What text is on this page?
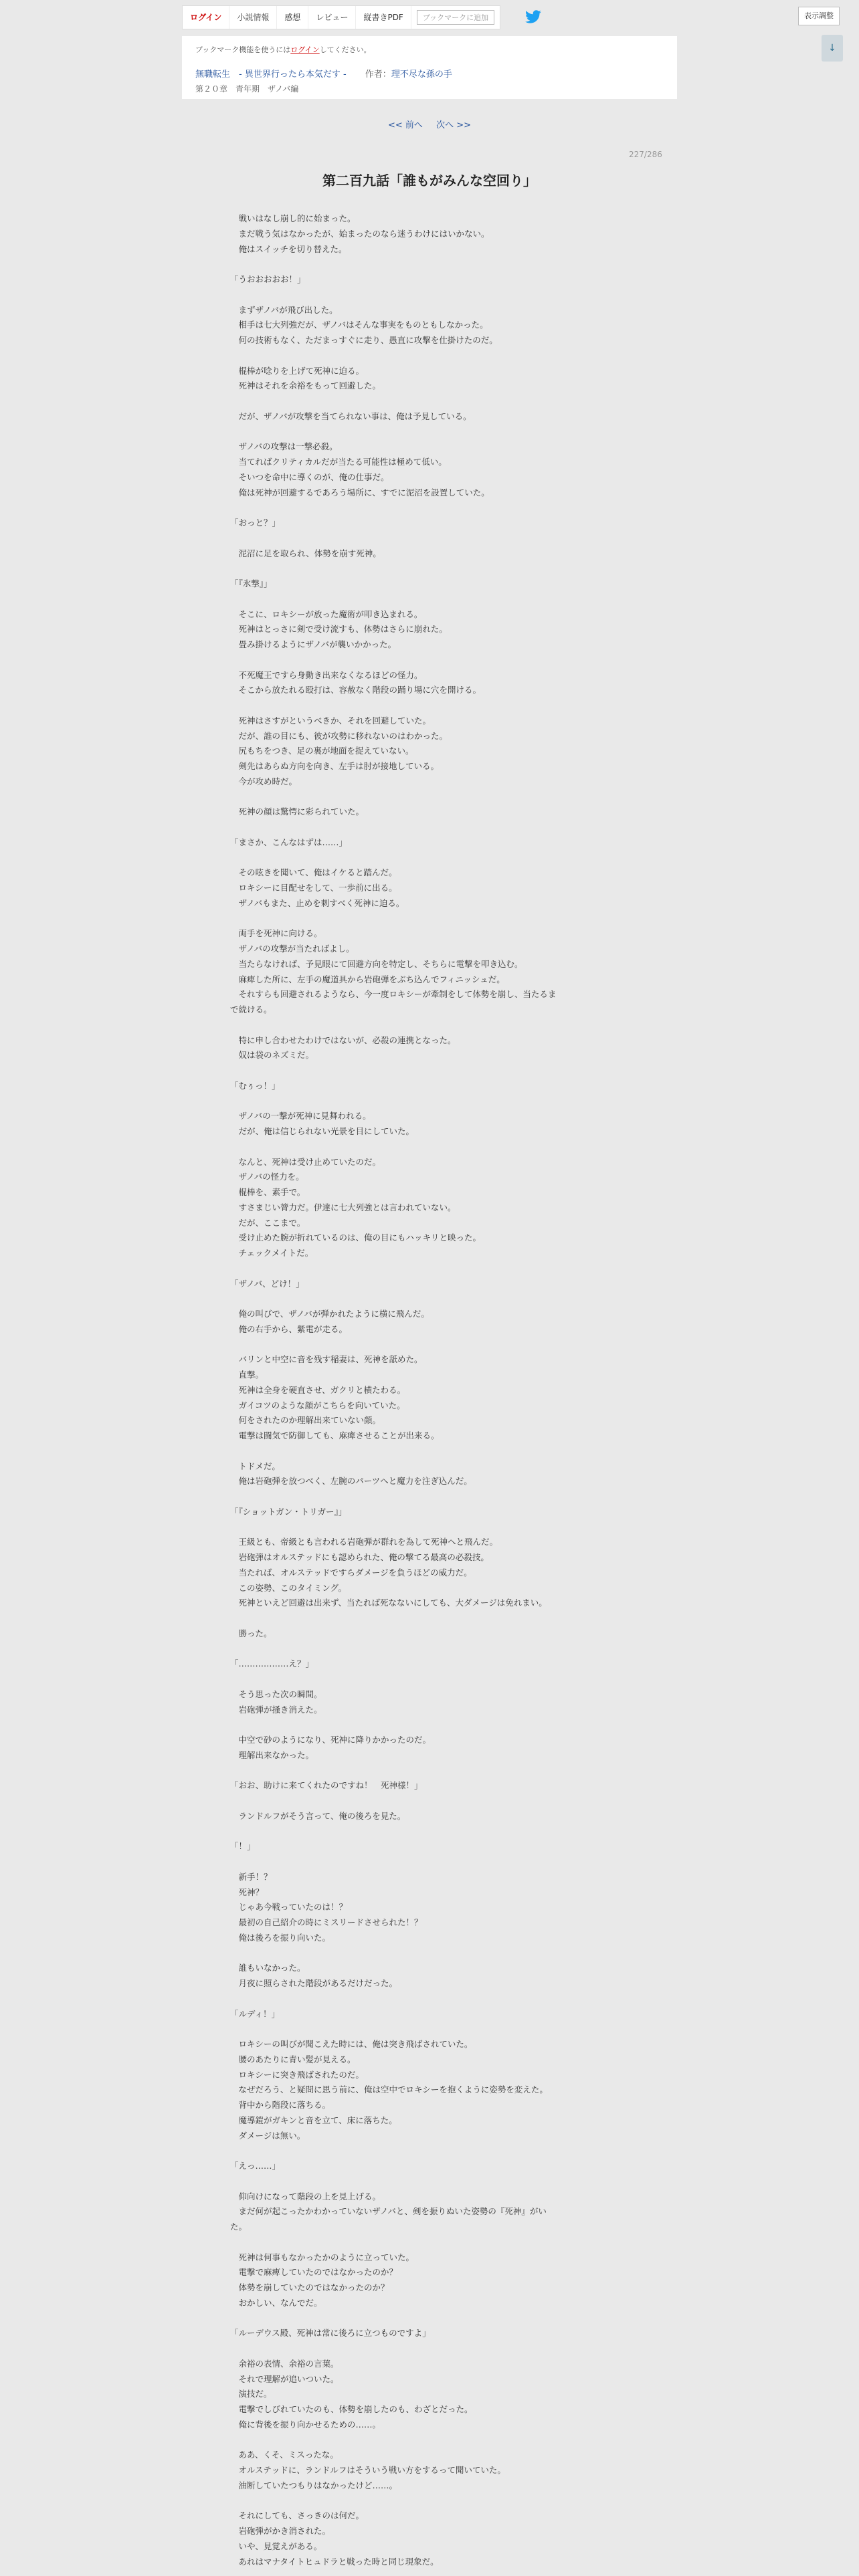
ログイン	小説情報	感想	レビュー	縦書きPDF	ブックマークに追加	表示調整
↓
ブックマーク機能を使うにはログインしてください。
無職転生　- 異世界行ったら本気だす - 作者：理不尽な孫の手
第２０章　青年期　ザノバ編
<< 前へ 次へ >>
227/286
第二百九話「誰もがみんな空回り」
　戦いはなし崩し的に始まった。
　まだ戦う気はなかったが、始まったのなら迷うわけにはいかない。
　俺はスイッチを切り替えた。
「うおおおおお！」
　まずザノバが飛び出した。
　相手は七大列強だが、ザノバはそんな事実をものともしなかった。
　何の技術もなく、ただまっすぐに走り、愚直に攻撃を仕掛けたのだ。
　棍棒が唸りを上げて死神に迫る。
　死神はそれを余裕をもって回避した。
　だが、ザノバが攻撃を当てられない事は、俺は予見している。
　ザノバの攻撃は一撃必殺。
　当てればクリティカルだが当たる可能性は極めて低い。
　そいつを命中に導くのが、俺の仕事だ。
　俺は死神が回避するであろう場所に、すでに泥沼を設置していた。
「おっと？」
　泥沼に足を取られ、体勢を崩す死神。
「『氷撃』」
　そこに、ロキシーが放った魔術が叩き込まれる。
　死神はとっさに剣で受け流すも、体勢はさらに崩れた。
　畳み掛けるようにザノバが襲いかかった。
　不死魔王ですら身動き出来なくなるほどの怪力。
　そこから放たれる殴打は、容赦なく階段の踊り場に穴を開ける。
　死神はさすがというべきか、それを回避していた。
　だが、誰の目にも、彼が攻勢に移れないのはわかった。
　尻もちをつき、足の裏が地面を捉えていない。
　剣先はあらぬ方向を向き、左手は肘が接地している。
　今が攻め時だ。
　死神の顔は驚愕に彩られていた。
「まさか、こんなはずは……」
　その呟きを聞いて、俺はイケると踏んだ。
　ロキシーに目配せをして、一歩前に出る。
　ザノバもまた、止めを刺すべく死神に迫る。
　両手を死神に向ける。
　ザノバの攻撃が当たればよし。
　当たらなければ、予見眼にて回避方向を特定し、そちらに電撃を叩き込む。
　麻痺した所に、左手の魔道具から岩砲弾をぶち込んでフィニッシュだ。
　それすらも回避されるようなら、今一度ロキシーが牽制をして体勢を崩し、当たるま
で続ける。
　特に申し合わせたわけではないが、必殺の連携となった。
　奴は袋のネズミだ。
「むぅっ！」
　ザノバの一撃が死神に見舞われる。
　だが、俺は信じられない光景を目にしていた。
　なんと、死神は受け止めていたのだ。
　ザノバの怪力を。
　棍棒を、素手で。
　すさまじい膂力だ。伊達に七大列強とは言われていない。
　だが、ここまで。
　受け止めた腕が折れているのは、俺の目にもハッキリと映った。
　チェックメイトだ。
「ザノバ、どけ！」
　俺の叫びで、ザノバが弾かれたように横に飛んだ。
　俺の右手から、紫電が走る。
　バリンと中空に音を残す稲妻は、死神を舐めた。
　直撃。
　死神は全身を硬直させ、ガクリと横たわる。
　ガイコツのような顔がこちらを向いていた。
　何をされたのか理解出来ていない顔。
　電撃は闘気で防御しても、麻痺させることが出来る。
　トドメだ。
　俺は岩砲弾を放つべく、左腕のパーツへと魔力を注ぎ込んだ。
「『ショットガン・トリガー』」
　王級とも、帝級とも言われる岩砲弾が群れを為して死神へと飛んだ。
　岩砲弾はオルステッドにも認められた、俺の撃てる最高の必殺技。
　当たれば、オルステッドですらダメージを負うほどの威力だ。
　この姿勢、このタイミング。
　死神といえど回避は出来ず、当たれば死なないにしても、大ダメージは免れまい。
　勝った。
「………………え？」
　そう思った次の瞬間。
　岩砲弾が掻き消えた。
　中空で砂のようになり、死神に降りかかったのだ。
　理解出来なかった。
「おお、助けに来てくれたのですね！　死神様！」
　ランドルフがそう言って、俺の後ろを見た。
「！」
　新手！？
　死神？
　じゃあ今戦っていたのは！？
　最初の自己紹介の時にミスリードさせられた！？
　俺は後ろを振り向いた。
　誰もいなかった。
　月夜に照らされた階段があるだけだった。
「ルディ！」
　ロキシーの叫びが聞こえた時には、俺は突き飛ばされていた。
　腰のあたりに青い髪が見える。
　ロキシーに突き飛ばされたのだ。
　なぜだろう、と疑問に思う前に、俺は空中でロキシーを抱くように姿勢を変えた。
　背中から階段に落ちる。
　魔導鎧がガキンと音を立て、床に落ちた。
　ダメージは無い。
「えっ……」
　仰向けになって階段の上を見上げる。
　まだ何が起こったかわかっていないザノバと、剣を振りぬいた姿勢の『死神』がい
た。
　死神は何事もなかったかのように立っていた。
　電撃で麻痺していたのではなかったのか？
　体勢を崩していたのではなかったのか？
　おかしい、なんでだ。
「ルーデウス殿、死神は常に後ろに立つものですよ」
　余裕の表情、余裕の言葉。
　それで理解が追いついた。
　演技だ。
　電撃でしびれていたのも、体勢を崩したのも、わざとだった。
　俺に背後を振り向かせるための……。
　ああ、くそ、ミスったな。
　オルステッドに、ランドルフはそういう戦い方をするって聞いていた。
　油断していたつもりはなかったけど……。
　それにしても、さっきのは何だ。
　岩砲弾がかき消された。
　いや、見覚えがある。
　あれはマナタイトヒュドラと戦った時と同じ現象だ。
